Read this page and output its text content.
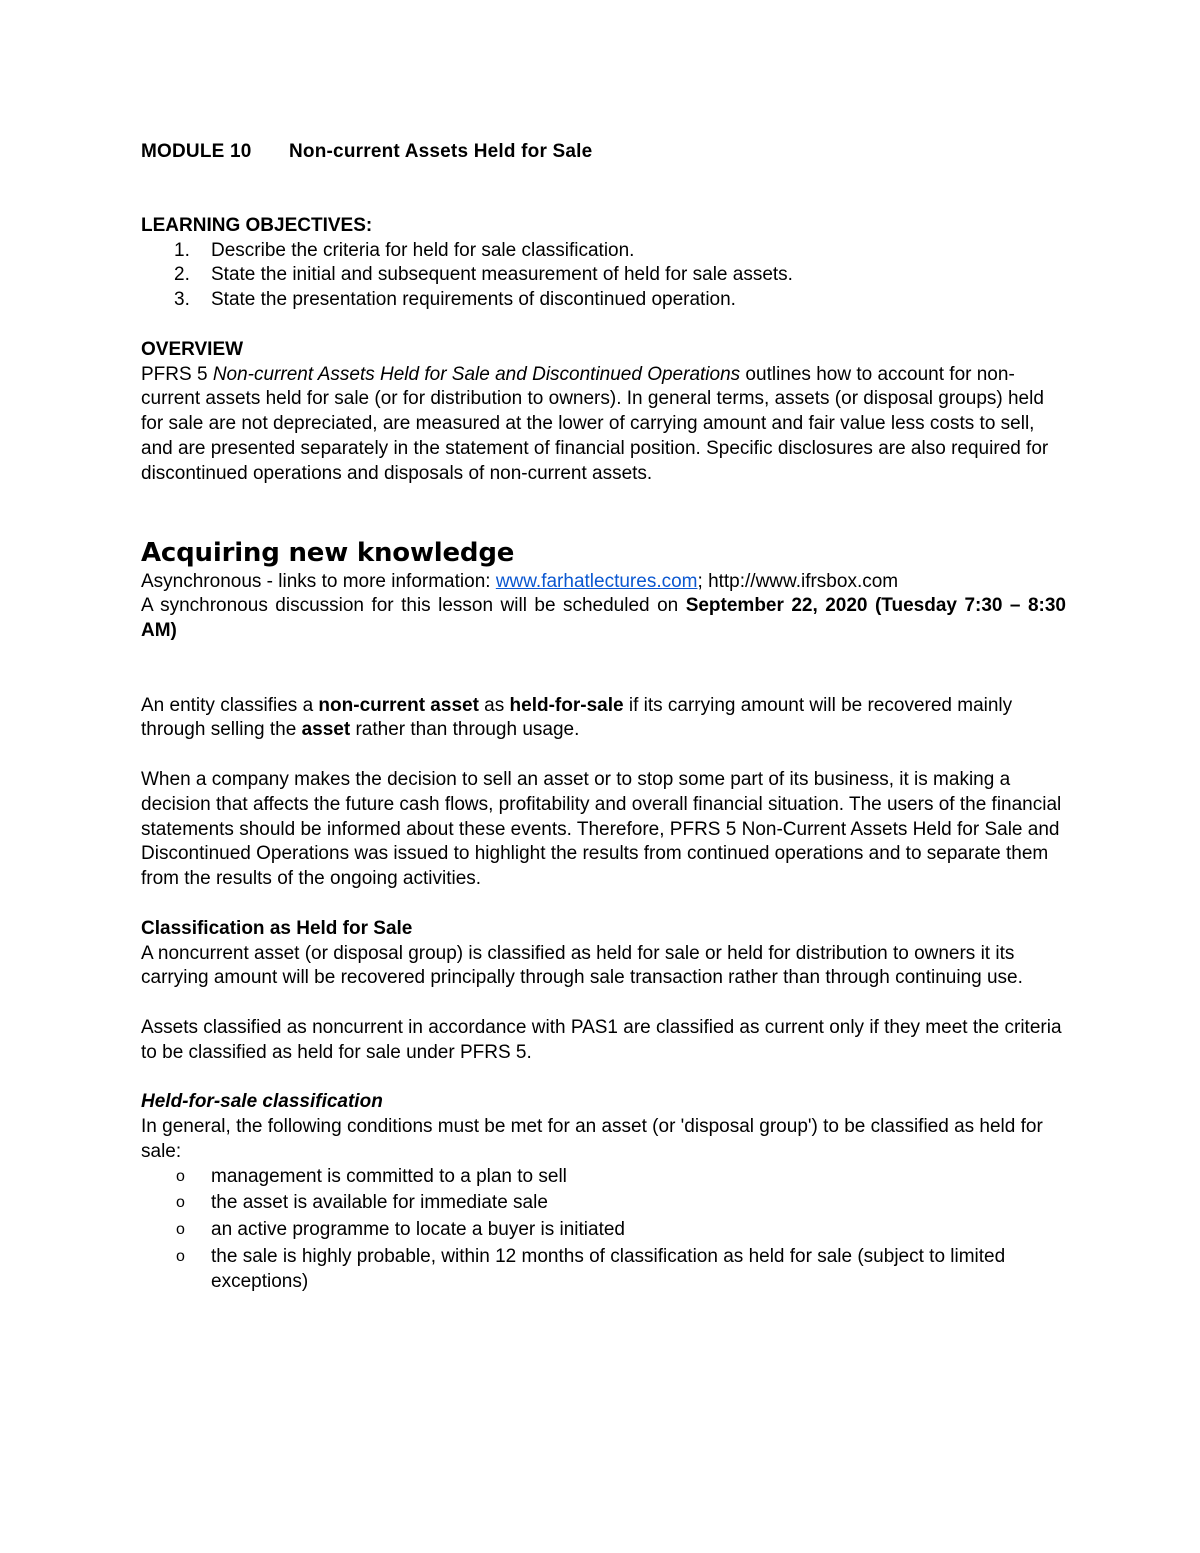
MODULE 10 Non-current Assets Held for Sale

LEARNING OBJECTIVES:

1. Describe the criteria for held for sale classification.
2. State the initial and subsequent measurement of held for sale assets.
3. State the presentation requirements of discontinued operation.

OVERVIEW

PFRS 5 Non-current Assets Held for Sale and Discontinued Operations outlines how to account for non-current assets held for sale (or for distribution to owners). In general terms, assets (or disposal groups) held for sale are not depreciated, are measured at the lower of carrying amount and fair value less costs to sell, and are presented separately in the statement of financial position. Specific disclosures are also required for discontinued operations and disposals of non-current assets.

Acquiring new knowledge

Asynchronous - links to more information: www.farhatlectures.com; http://www.ifrsbox.com

A synchronous discussion for this lesson will be scheduled on September 22, 2020 (Tuesday 7:30 – 8:30 AM)

An entity classifies a non-current asset as held-for-sale if its carrying amount will be recovered mainly through selling the asset rather than through usage.

When a company makes the decision to sell an asset or to stop some part of its business, it is making a decision that affects the future cash flows, profitability and overall financial situation. The users of the financial statements should be informed about these events. Therefore, PFRS 5 Non-Current Assets Held for Sale and Discontinued Operations was issued to highlight the results from continued operations and to separate them from the results of the ongoing activities.

Classification as Held for Sale

A noncurrent asset (or disposal group) is classified as held for sale or held for distribution to owners it its carrying amount will be recovered principally through sale transaction rather than through continuing use.

Assets classified as noncurrent in accordance with PAS1 are classified as current only if they meet the criteria to be classified as held for sale under PFRS 5.

Held-for-sale classification

In general, the following conditions must be met for an asset (or 'disposal group') to be classified as held for sale:

o management is committed to a plan to sell
o the asset is available for immediate sale
o an active programme to locate a buyer is initiated
o the sale is highly probable, within 12 months of classification as held for sale (subject to limited exceptions)
